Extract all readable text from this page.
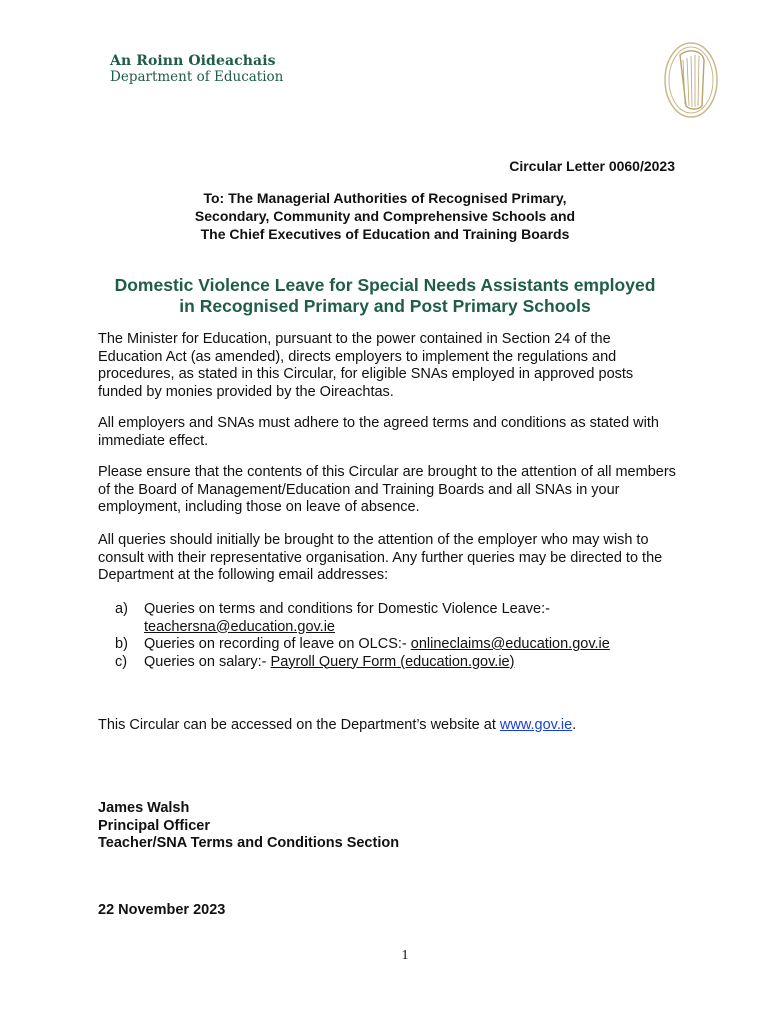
An Roinn Oideachais
Department of Education
Circular Letter 0060/2023
To: The Managerial Authorities of Recognised Primary,
Secondary, Community and Comprehensive Schools and
The Chief Executives of Education and Training Boards
Domestic Violence Leave for Special Needs Assistants employed
in Recognised Primary and Post Primary Schools
The Minister for Education, pursuant to the power contained in Section 24 of the Education Act (as amended), directs employers to implement the regulations and procedures, as stated in this Circular, for eligible SNAs employed in approved posts funded by monies provided by the Oireachtas.
All employers and SNAs must adhere to the agreed terms and conditions as stated with immediate effect.
Please ensure that the contents of this Circular are brought to the attention of all members of the Board of Management/Education and Training Boards and all SNAs in your employment, including those on leave of absence.
All queries should initially be brought to the attention of the employer who may wish to consult with their representative organisation. Any further queries may be directed to the Department at the following email addresses:
a)	Queries on terms and conditions for Domestic Violence Leave:-
teachersna@education.gov.ie
b)	Queries on recording of leave on OLCS:- onlineclaims@education.gov.ie
c)	Queries on salary:- Payroll Query Form (education.gov.ie)
This Circular can be accessed on the Department’s website at www.gov.ie.
James Walsh
Principal Officer
Teacher/SNA Terms and Conditions Section
22 November 2023
1
